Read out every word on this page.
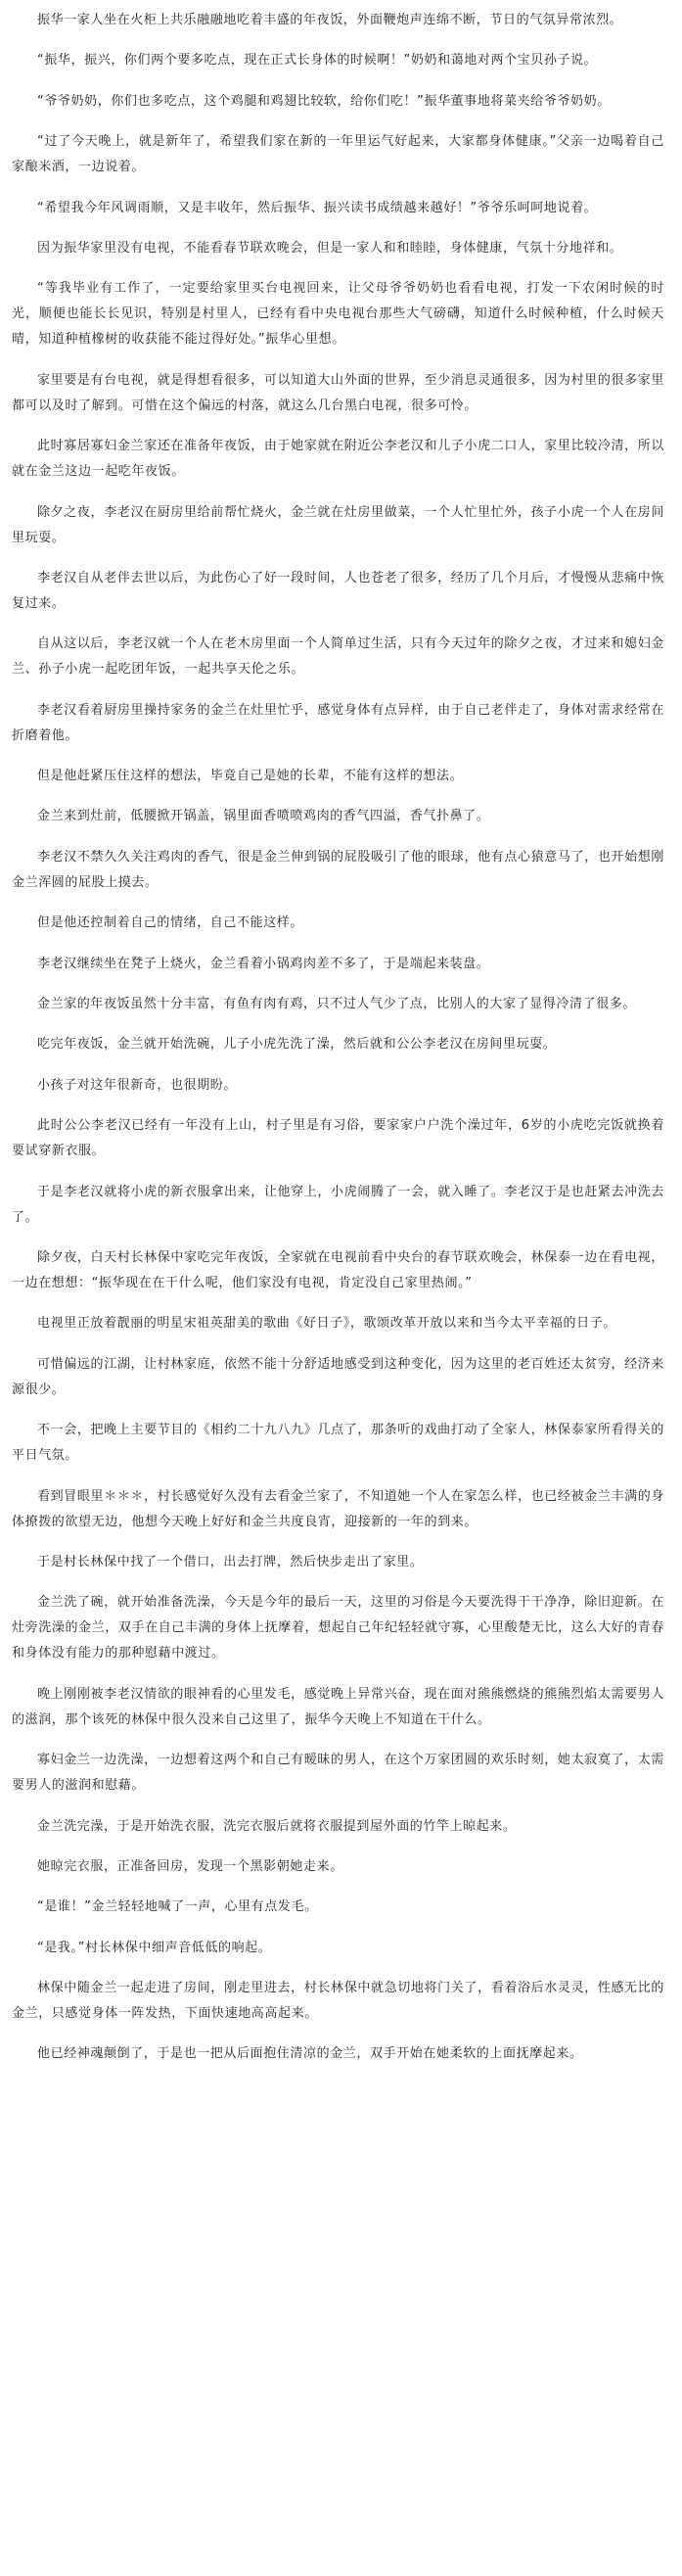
振华一家人坐在火柜上共乐融融地吃着丰盛的年夜饭，外面鞭炮声连绵不断，节日的气氛异常浓烈。

“振华，振兴，你们两个要多吃点，现在正式长身体的时候啊！”奶奶和蔼地对两个宝贝孙子说。

“爷爷奶奶，你们也多吃点，这个鸡腿和鸡翅比较软，给你们吃！”振华董事地将菜夹给爷爷奶奶。

“过了今天晚上，就是新年了，希望我们家在新的一年里运气好起来，大家都身体健康。”父亲一边喝着自己家酿米酒，一边说着。

“希望我今年风调雨顺，又是丰收年，然后振华、振兴读书成绩越来越好！”爷爷乐呵呵地说着。

因为振华家里没有电视，不能看春节联欢晚会，但是一家人和和睦睦，身体健康，气氛十分地祥和。

“等我毕业有工作了，一定要给家里买台电视回来，让父母爷爷奶奶也看看电视，打发一下农闲时候的时光，顺便也能长长见识，特别是村里人，已经有看中央电视台那些大气磅礴，知道什么时候种植，什么时候天晴，知道种植橡树的收获能不能过得好处。”振华心里想。

家里要是有台电视，就是得想看很多，可以知道大山外面的世界，至少消息灵通很多，因为村里的很多家里都可以及时了解到。可惜在这个偏远的村落，就这么几台黑白电视，很多可怜。

此时寡居寡妇金兰家还在准备年夜饭，由于她家就在附近公李老汉和儿子小虎二口人，家里比较冷清，所以就在金兰这边一起吃年夜饭。

除夕之夜，李老汉在厨房里给前帮忙烧火，金兰就在灶房里做菜，一个人忙里忙外，孩子小虎一个人在房间里玩耍。

李老汉自从老伴去世以后，为此伤心了好一段时间，人也苍老了很多，经历了几个月后，才慢慢从悲痛中恢复过来。

自从这以后，李老汉就一个人在老木房里面一个人简单过生活，只有今天过年的除夕之夜，才过来和媳妇金兰、孙子小虎一起吃团年饭，一起共享天伦之乐。

李老汉看着厨房里操持家务的金兰在灶里忙乎，感觉身体有点异样，由于自己老伴走了，身体对需求经常在折磨着他。

但是他赶紧压住这样的想法，毕竟自己是她的长辈，不能有这样的想法。

金兰来到灶前，低腰掀开锅盖，锅里面香喷喷鸡肉的香气四溢，香气扑鼻了。

李老汉不禁久久关注鸡肉的香气，很是金兰伸到锅的屁股吸引了他的眼球，他有点心猿意马了，也开始想刚金兰浑圆的屁股上摸去。

但是他还控制着自己的情绪，自己不能这样。

李老汉继续坐在凳子上烧火，金兰看着小锅鸡肉差不多了，于是端起来装盘。

金兰家的年夜饭虽然十分丰富，有鱼有肉有鸡，只不过人气少了点，比别人的大家了显得冷清了很多。

吃完年夜饭，金兰就开始洗碗，儿子小虎先洗了澡，然后就和公公李老汉在房间里玩耍。

小孩子对这年很新奇，也很期盼。

此时公公李老汉已经有一年没有上山，村子里是有习俗，要家家户户洗个澡过年，6岁的小虎吃完饭就换着要试穿新衣服。

于是李老汉就将小虎的新衣服拿出来，让他穿上，小虎闹腾了一会，就入睡了。李老汉于是也赶紧去冲洗去了。

除夕夜，白天村长林保中家吃完年夜饭，全家就在电视前看中央台的春节联欢晚会，林保泰一边在看电视，一边在想想：“振华现在在干什么呢，他们家没有电视，肯定没自己家里热闹。”

电视里正放着靓丽的明星宋祖英甜美的歌曲《好日子》，歌颂改革开放以来和当今太平幸福的日子。

可惜偏远的江湖，让村林家庭，依然不能十分舒适地感受到这种变化，因为这里的老百姓还太贫穷，经济来源很少。

不一会，把晚上主要节目的《相约二十九八九》几点了，那条听的戏曲打动了全家人，林保泰家所看得关的平日气氛。

看到冒眼里＊＊＊，村长感觉好久没有去看金兰家了，不知道她一个人在家怎么样，也已经被金兰丰满的身体撩拨的欲望无边，他想今天晚上好好和金兰共度良宵，迎接新的一年的到来。

于是村长林保中找了一个借口，出去打牌，然后快步走出了家里。

金兰洗了碗，就开始准备洗澡，今天是今年的最后一天，这里的习俗是今天要洗得干干净净，除旧迎新。在灶旁洗澡的金兰，双手在自己丰满的身体上抚摩着，想起自己年纪轻轻就守寡，心里酸楚无比，这么大好的青春和身体没有能力的那种慰藉中渡过。

晚上刚刚被李老汉情欲的眼神看的心里发毛，感觉晚上异常兴奋，现在面对熊熊燃烧的熊熊烈焰太需要男人的滋润，那个该死的林保中很久没来自己这里了，振华今天晚上不知道在干什么。

寡妇金兰一边洗澡，一边想着这两个和自己有暧昧的男人，在这个万家团圆的欢乐时刻，她太寂寞了，太需要男人的滋润和慰藉。

金兰洗完澡，于是开始洗衣服，洗完衣服后就将衣服提到屋外面的竹竿上晾起来。

她晾完衣服，正准备回房，发现一个黑影朝她走来。

“是谁！”金兰轻轻地喊了一声，心里有点发毛。

“是我。”村长林保中细声音低低的响起。

林保中随金兰一起走进了房间，刚走里进去，村长林保中就急切地将门关了，看着浴后水灵灵，性感无比的金兰，只感觉身体一阵发热，下面快速地高高起来。

他已经神魂颠倒了，于是也一把从后面抱住清凉的金兰，双手开始在她柔软的上面抚摩起来。
